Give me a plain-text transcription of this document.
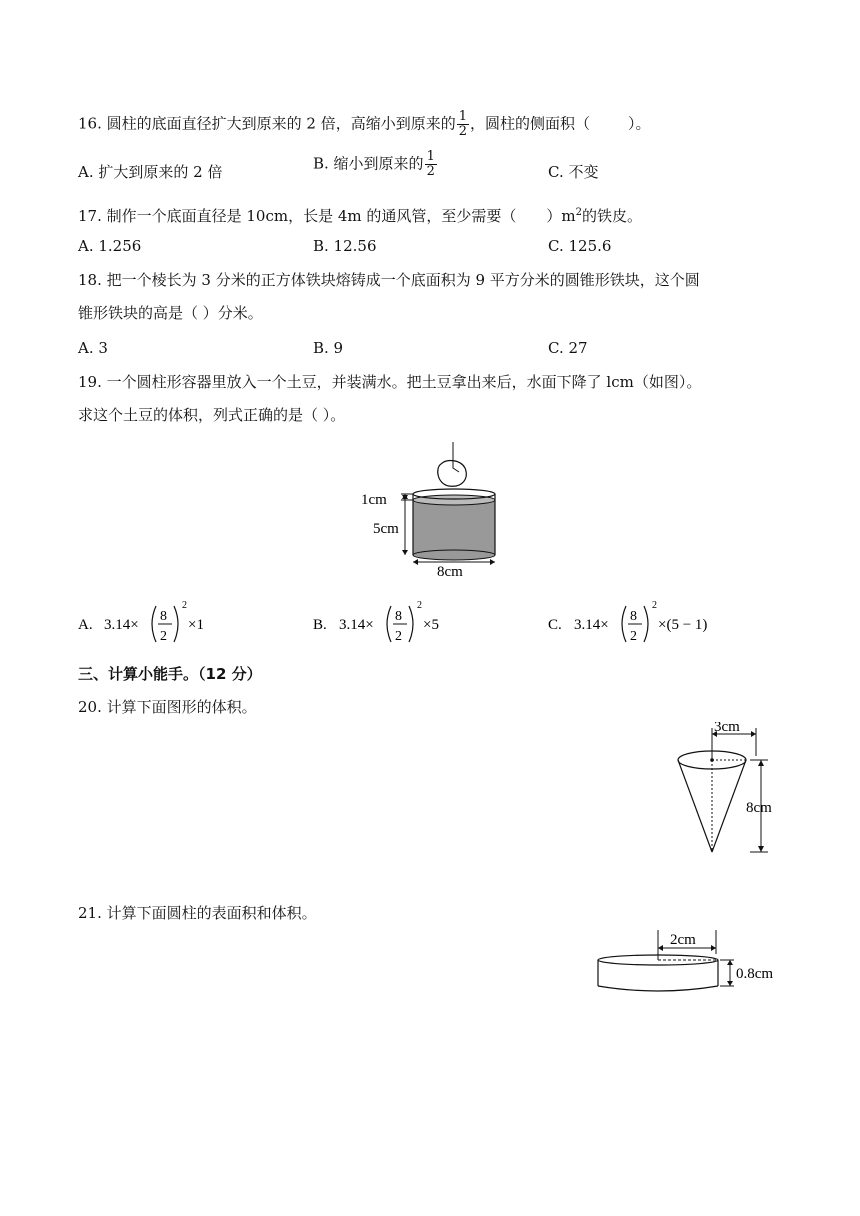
16. 圆柱的底面直径扩大到原来的 2 倍，高缩小到原来的 $\frac{1}{2}$ ，圆柱的侧面积（	）。
A. 扩大到原来的 2 倍	B. 缩小到原来的 $\frac{1}{2}$	C. 不变
17. 制作一个底面直径是 10cm，长是 4m 的通风管，至少需要（ ）$m^2$的铁皮。
A. 1.256	B. 12.56	C. 125.6
18. 把一个棱长为 3 分米的正方体铁块熔铸成一个底面积为 9 平方分米的圆锥形铁块，这个圆
锥形铁块的高是（ ）分米。
A. 3	B. 9	C. 27
19. 一个圆柱形容器里放入一个土豆，并装满水。把土豆拿出来后，水面下降了 lcm（如图）。
求这个土豆的体积，列式正确的是（ ）。
1cm
5cm
8cm
A. 3.14×
8
2
2
×1	B. 3.14×
8
2
2
×5	C. 3.14×
8
2
2
×(5 − 1)
三、计算小能手。（12 分）
20. 计算下面图形的体积。
3cm
8cm
21. 计算下面圆柱的表面积和体积。
2cm
0.8cm
